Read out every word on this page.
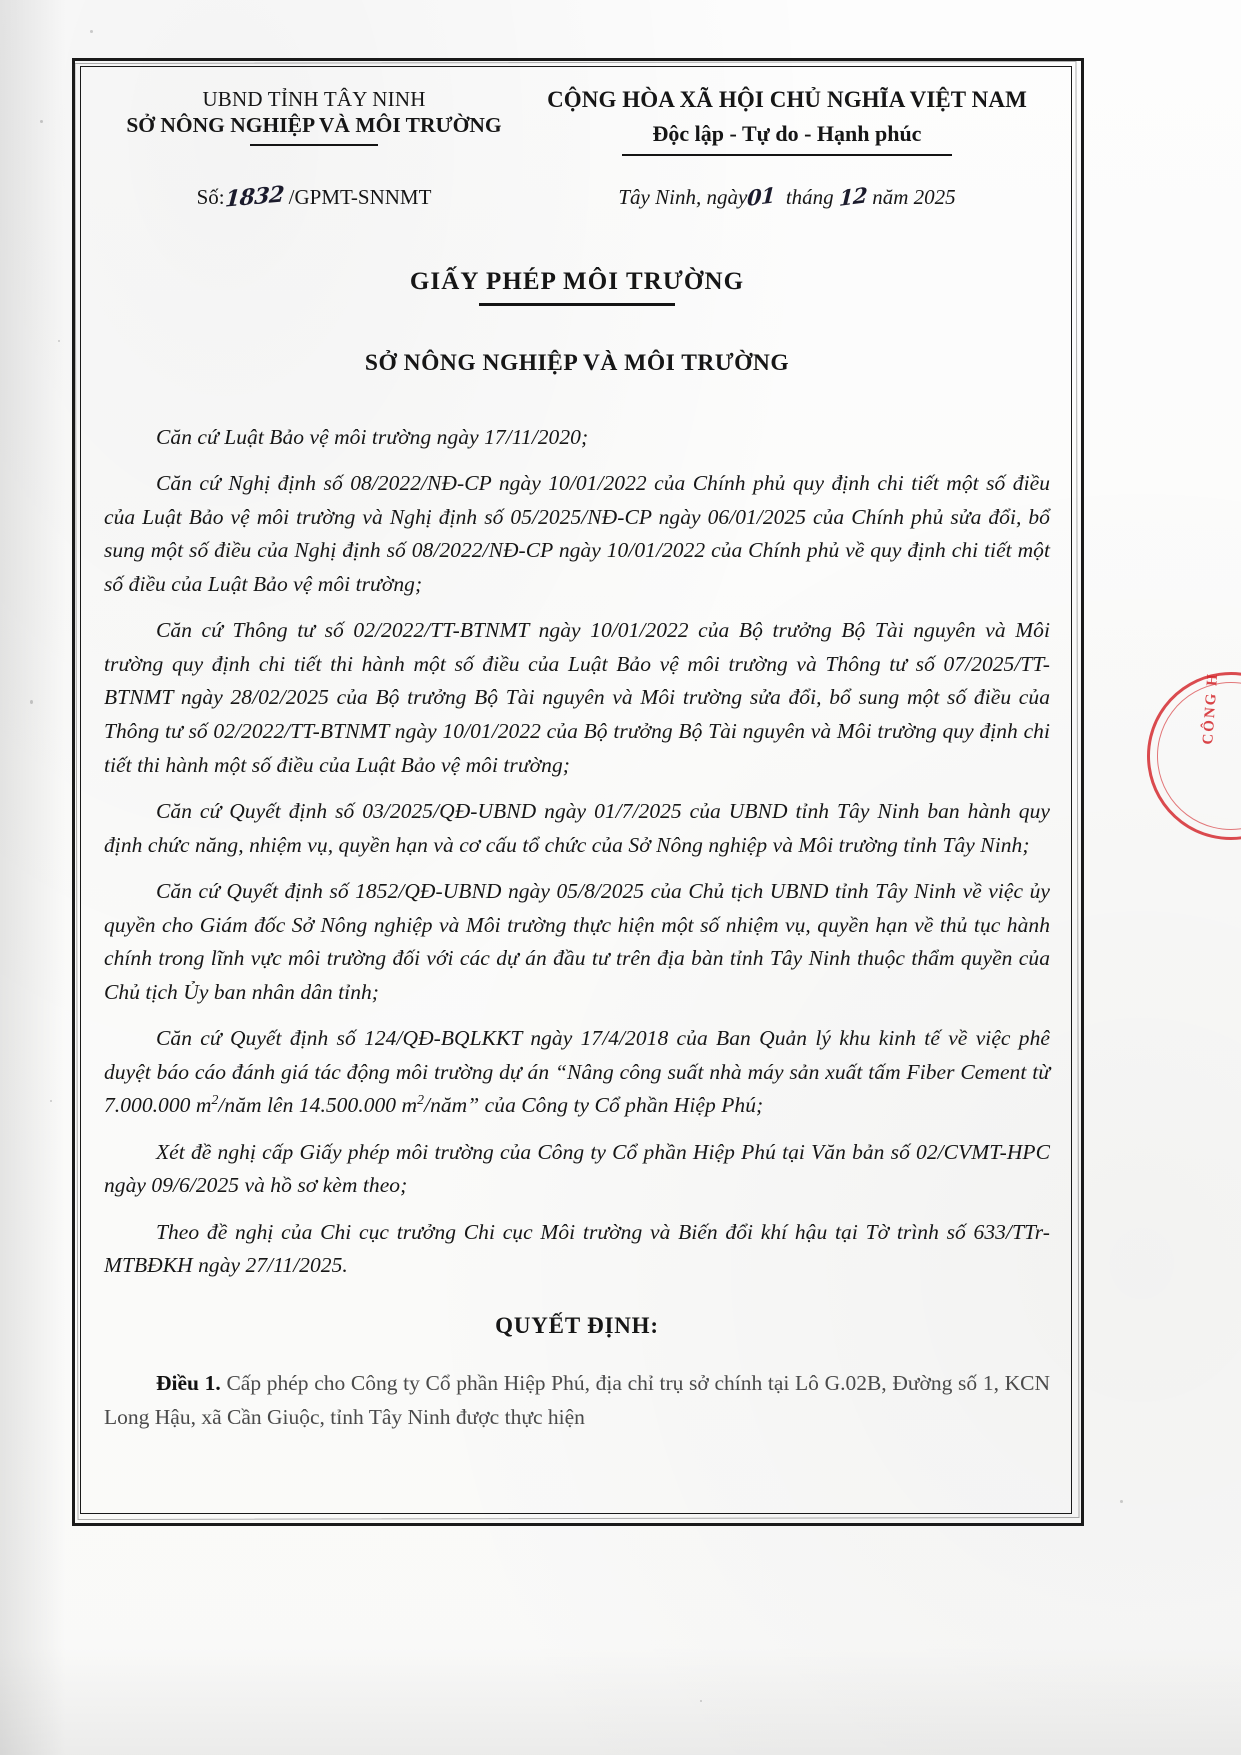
UBND TỈNH TÂY NINH
SỞ NÔNG NGHIỆP VÀ MÔI TRƯỜNG
CỘNG HÒA XÃ HỘI CHỦ NGHĨA VIỆT NAM
Độc lập - Tự do - Hạnh phúc
Số:1832 /GPMT-SNNMT	Tây Ninh, ngày01 tháng 12 năm 2025
GIẤY PHÉP MÔI TRƯỜNG
SỞ NÔNG NGHIỆP VÀ MÔI TRƯỜNG

Căn cứ Luật Bảo vệ môi trường ngày 17/11/2020;

Căn cứ Nghị định số 08/2022/NĐ-CP ngày 10/01/2022 của Chính phủ quy định chi tiết một số điều của Luật Bảo vệ môi trường và Nghị định số 05/2025/NĐ-CP ngày 06/01/2025 của Chính phủ sửa đổi, bổ sung một số điều của Nghị định số 08/2022/NĐ-CP ngày 10/01/2022 của Chính phủ về quy định chi tiết một số điều của Luật Bảo vệ môi trường;

Căn cứ Thông tư số 02/2022/TT-BTNMT ngày 10/01/2022 của Bộ trưởng Bộ Tài nguyên và Môi trường quy định chi tiết thi hành một số điều của Luật Bảo vệ môi trường và Thông tư số 07/2025/TT-BTNMT ngày 28/02/2025 của Bộ trưởng Bộ Tài nguyên và Môi trường sửa đổi, bổ sung một số điều của Thông tư số 02/2022/TT-BTNMT ngày 10/01/2022 của Bộ trưởng Bộ Tài nguyên và Môi trường quy định chi tiết thi hành một số điều của Luật Bảo vệ môi trường;

Căn cứ Quyết định số 03/2025/QĐ-UBND ngày 01/7/2025 của UBND tỉnh Tây Ninh ban hành quy định chức năng, nhiệm vụ, quyền hạn và cơ cấu tổ chức của Sở Nông nghiệp và Môi trường tỉnh Tây Ninh;

Căn cứ Quyết định số 1852/QĐ-UBND ngày 05/8/2025 của Chủ tịch UBND tỉnh Tây Ninh về việc ủy quyền cho Giám đốc Sở Nông nghiệp và Môi trường thực hiện một số nhiệm vụ, quyền hạn về thủ tục hành chính trong lĩnh vực môi trường đối với các dự án đầu tư trên địa bàn tỉnh Tây Ninh thuộc thẩm quyền của Chủ tịch Ủy ban nhân dân tỉnh;

Căn cứ Quyết định số 124/QĐ-BQLKKT ngày 17/4/2018 của Ban Quản lý khu kinh tế về việc phê duyệt báo cáo đánh giá tác động môi trường dự án “Nâng công suất nhà máy sản xuất tấm Fiber Cement từ 7.000.000 $m^2$/năm lên 14.500.000 $m^2$/năm” của Công ty Cổ phần Hiệp Phú;

Xét đề nghị cấp Giấy phép môi trường của Công ty Cổ phần Hiệp Phú tại Văn bản số 02/CVMT-HPC ngày 09/6/2025 và hồ sơ kèm theo;

Theo đề nghị của Chi cục trưởng Chi cục Môi trường và Biến đổi khí hậu tại Tờ trình số 633/TTr-MTBĐKH ngày 27/11/2025.

QUYẾT ĐỊNH:
Điều 1. Cấp phép cho Công ty Cổ phần Hiệp Phú, địa chỉ trụ sở chính tại Lô G.02B, Đường số 1, KCN Long Hậu, xã Cần Giuộc, tỉnh Tây Ninh được thực hiện
CÔNG H
